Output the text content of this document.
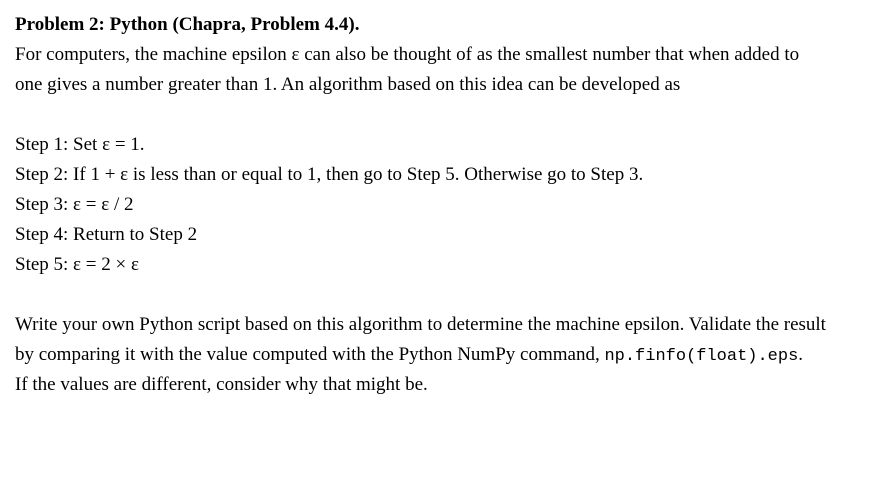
Problem 2: Python (Chapra, Problem 4.4).
For computers, the machine epsilon ε can also be thought of as the smallest number that when added to
one gives a number greater than 1. An algorithm based on this idea can be developed as
Step 1: Set ε = 1.
Step 2: If 1 + ε is less than or equal to 1, then go to Step 5. Otherwise go to Step 3.
Step 3: ε = ε / 2
Step 4: Return to Step 2
Step 5: ε = 2 × ε
Write your own Python script based on this algorithm to determine the machine epsilon. Validate the result
by comparing it with the value computed with the Python NumPy command, np.finfo(float).eps.
If the values are different, consider why that might be.
